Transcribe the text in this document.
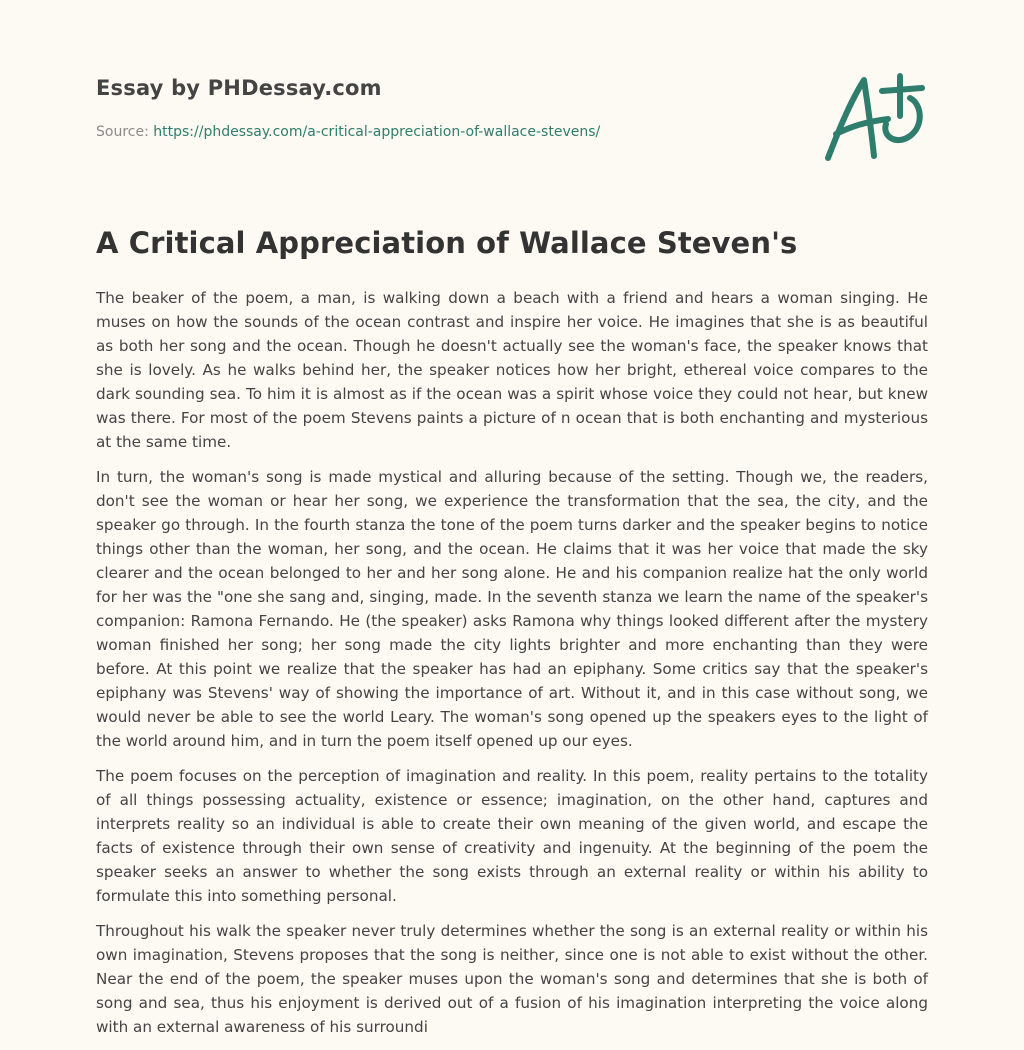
Essay by PHDessay.com
Source: https://phdessay.com/a-critical-appreciation-of-wallace-stevens/
A Critical Appreciation of Wallace Steven's

The beaker of the poem, a man, is walking down a beach with a friend and hears a woman singing. He muses on how the sounds of the ocean contrast and inspire her voice. He imagines that she is as beautiful as both her song and the ocean. Though he doesn't actually see the woman's face, the speaker knows that she is lovely. As he walks behind her, the speaker notices how her bright, ethereal voice compares to the dark sounding sea. To him it is almost as if the ocean was a spirit whose voice they could not hear, but knew was there. For most of the poem Stevens paints a picture of n ocean that is both enchanting and mysterious at the same time.

In turn, the woman's song is made mystical and alluring because of the setting. Though we, the readers, don't see the woman or hear her song, we experience the transformation that the sea, the city, and the speaker go through. In the fourth stanza the tone of the poem turns darker and the speaker begins to notice things other than the woman, her song, and the ocean. He claims that it was her voice that made the sky clearer and the ocean belonged to her and her song alone. He and his companion realize hat the only world for her was the "one she sang and, singing, made. In the seventh stanza we learn the name of the speaker's companion: Ramona Fernando. He (the speaker) asks Ramona why things looked different after the mystery woman finished her song; her song made the city lights brighter and more enchanting than they were before. At this point we realize that the speaker has had an epiphany. Some critics say that the speaker's epiphany was Stevens' way of showing the importance of art. Without it, and in this case without song, we would never be able to see the world Leary. The woman's song opened up the speakers eyes to the light of the world around him, and in turn the poem itself opened up our eyes.

The poem focuses on the perception of imagination and reality. In this poem, reality pertains to the totality of all things possessing actuality, existence or essence; imagination, on the other hand, captures and interprets reality so an individual is able to create their own meaning of the given world, and escape the facts of existence through their own sense of creativity and ingenuity. At the beginning of the poem the speaker seeks an answer to whether the song exists through an external reality or within his ability to formulate this into something personal.

Throughout his walk the speaker never truly determines whether the song is an external reality or within his own imagination, Stevens proposes that the song is neither, since one is not able to exist without the other. Near the end of the poem, the speaker muses upon the woman's song and determines that she is both of song and sea, thus his enjoyment is derived out of a fusion of his imagination interpreting the voice along with an external awareness of his surroundi
